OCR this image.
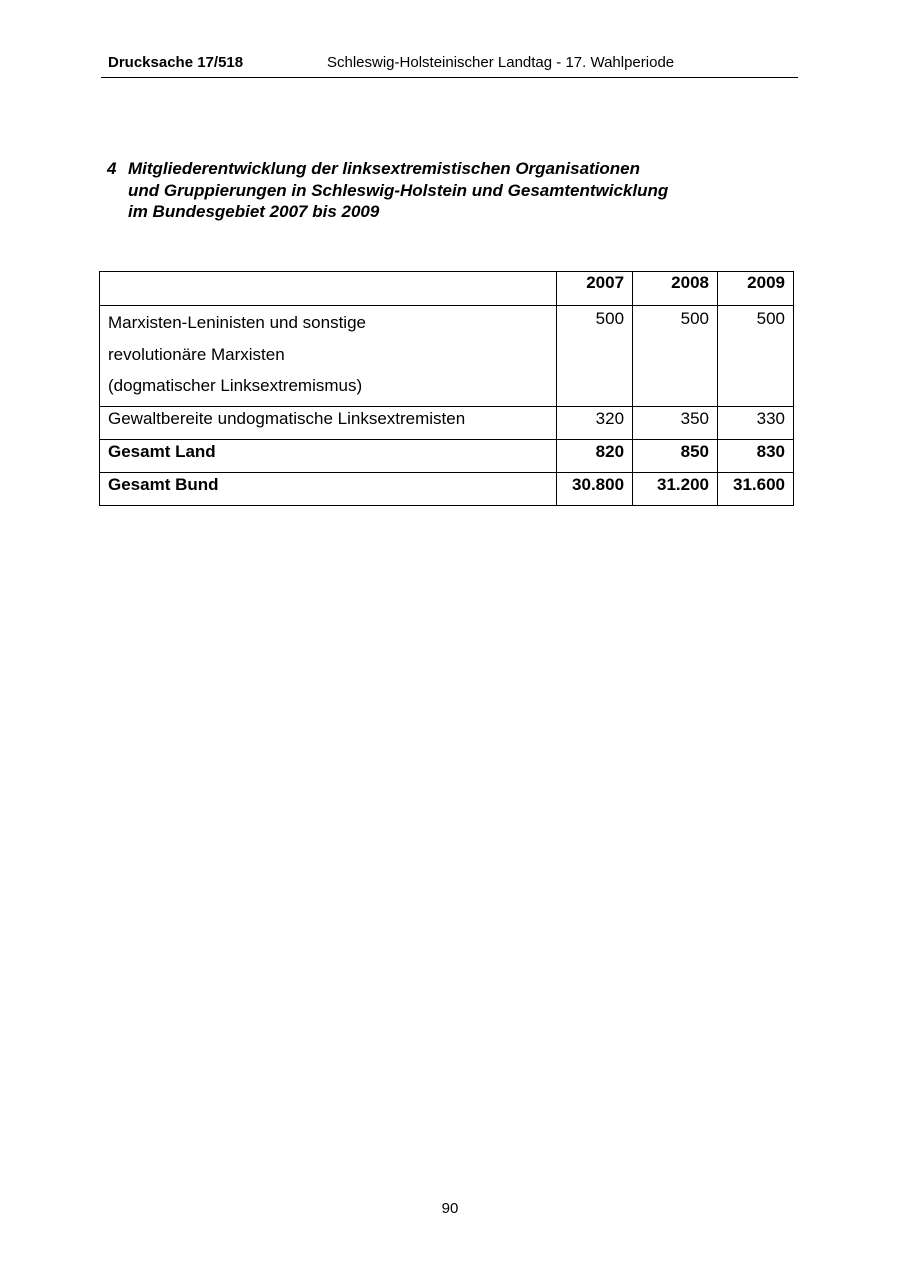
Drucksache 17/518	Schleswig-Holsteinischer Landtag - 17. Wahlperiode
4 Mitgliederentwicklung der linksextremistischen Organisationen
und Gruppierungen in Schleswig-Holstein und Gesamtentwicklung
im Bundesgebiet 2007 bis 2009
	2007	2008	2009

Marxisten-Leninisten und sonstige
revolutionäre Marxisten
(dogmatischer Linksextremismus)	500	500	500
Gewaltbereite undogmatische Linksextremisten	320	350	330
Gesamt Land	820	850	830
Gesamt Bund	30.800	31.200	31.600
90
